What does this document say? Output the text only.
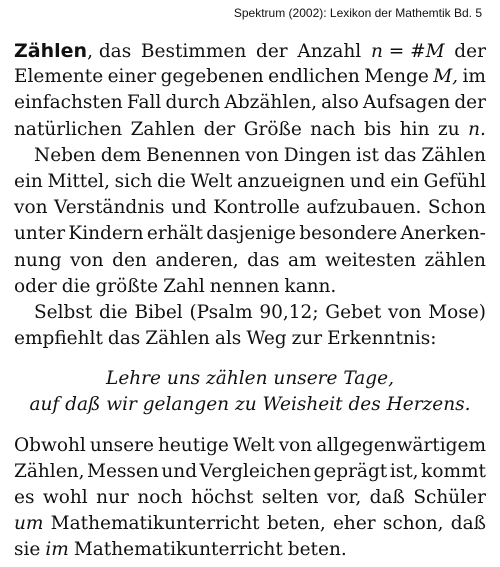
Spektrum (2002): Lexikon der Mathemtik Bd. 5
Zählen, das Bestimmen der Anzahl n = #M der
Elemente einer gegebenen endlichen Menge M, im
einfachsten Fall durch Abzählen, also Aufsagen der
natürlichen Zahlen der Größe nach bis hin zu n.
Neben dem Benennen von Dingen ist das Zählen
ein Mittel, sich die Welt anzueignen und ein Gefühl
von Verständnis und Kontrolle aufzubauen. Schon
unter Kindern erhält dasjenige besondere Anerken-
nung von den anderen, das am weitesten zählen
oder die größte Zahl nennen kann.
Selbst die Bibel (Psalm 90,12; Gebet von Mose)
empfiehlt das Zählen als Weg zur Erkenntnis:
Lehre uns zählen unsere Tage,
auf daß wir gelangen zu Weisheit des Herzens.
Obwohl unsere heutige Welt von allgegenwärtigem
Zählen, Messen und Vergleichen geprägt ist, kommt
es wohl nur noch höchst selten vor, daß Schüler
um Mathematikunterricht beten, eher schon, daß
sie im Mathematikunterricht beten.
